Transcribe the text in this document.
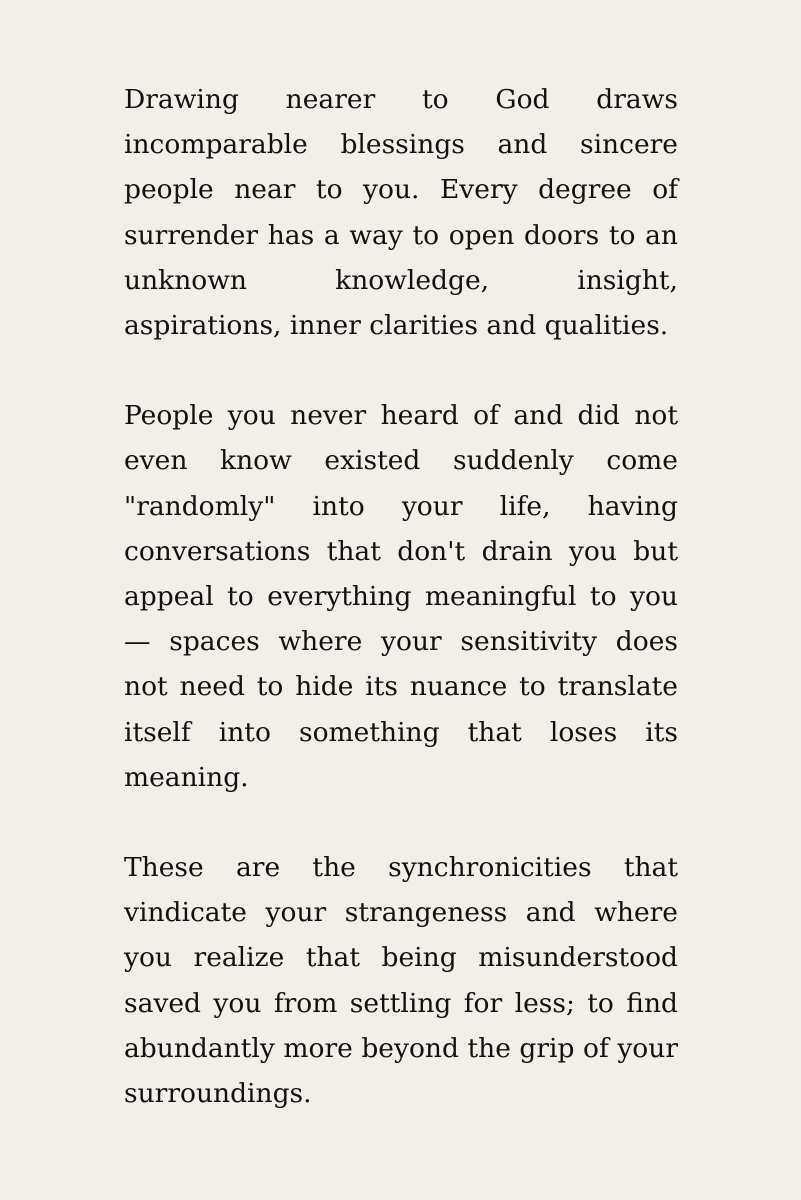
Drawing nearer to God draws incomparable blessings and sincere people near to you. Every degree of surrender has a way to open doors to an unknown knowledge, insight, aspirations, inner clarities and qualities.

People you never heard of and did not even know existed suddenly come "randomly" into your life, having conversations that don't drain you but appeal to everything meaningful to you — spaces where your sensitivity does not need to hide its nuance to translate itself into something that loses its meaning.

These are the synchronicities that vindicate your strangeness and where you realize that being misunderstood saved you from settling for less; to find abundantly more beyond the grip of your surroundings.
